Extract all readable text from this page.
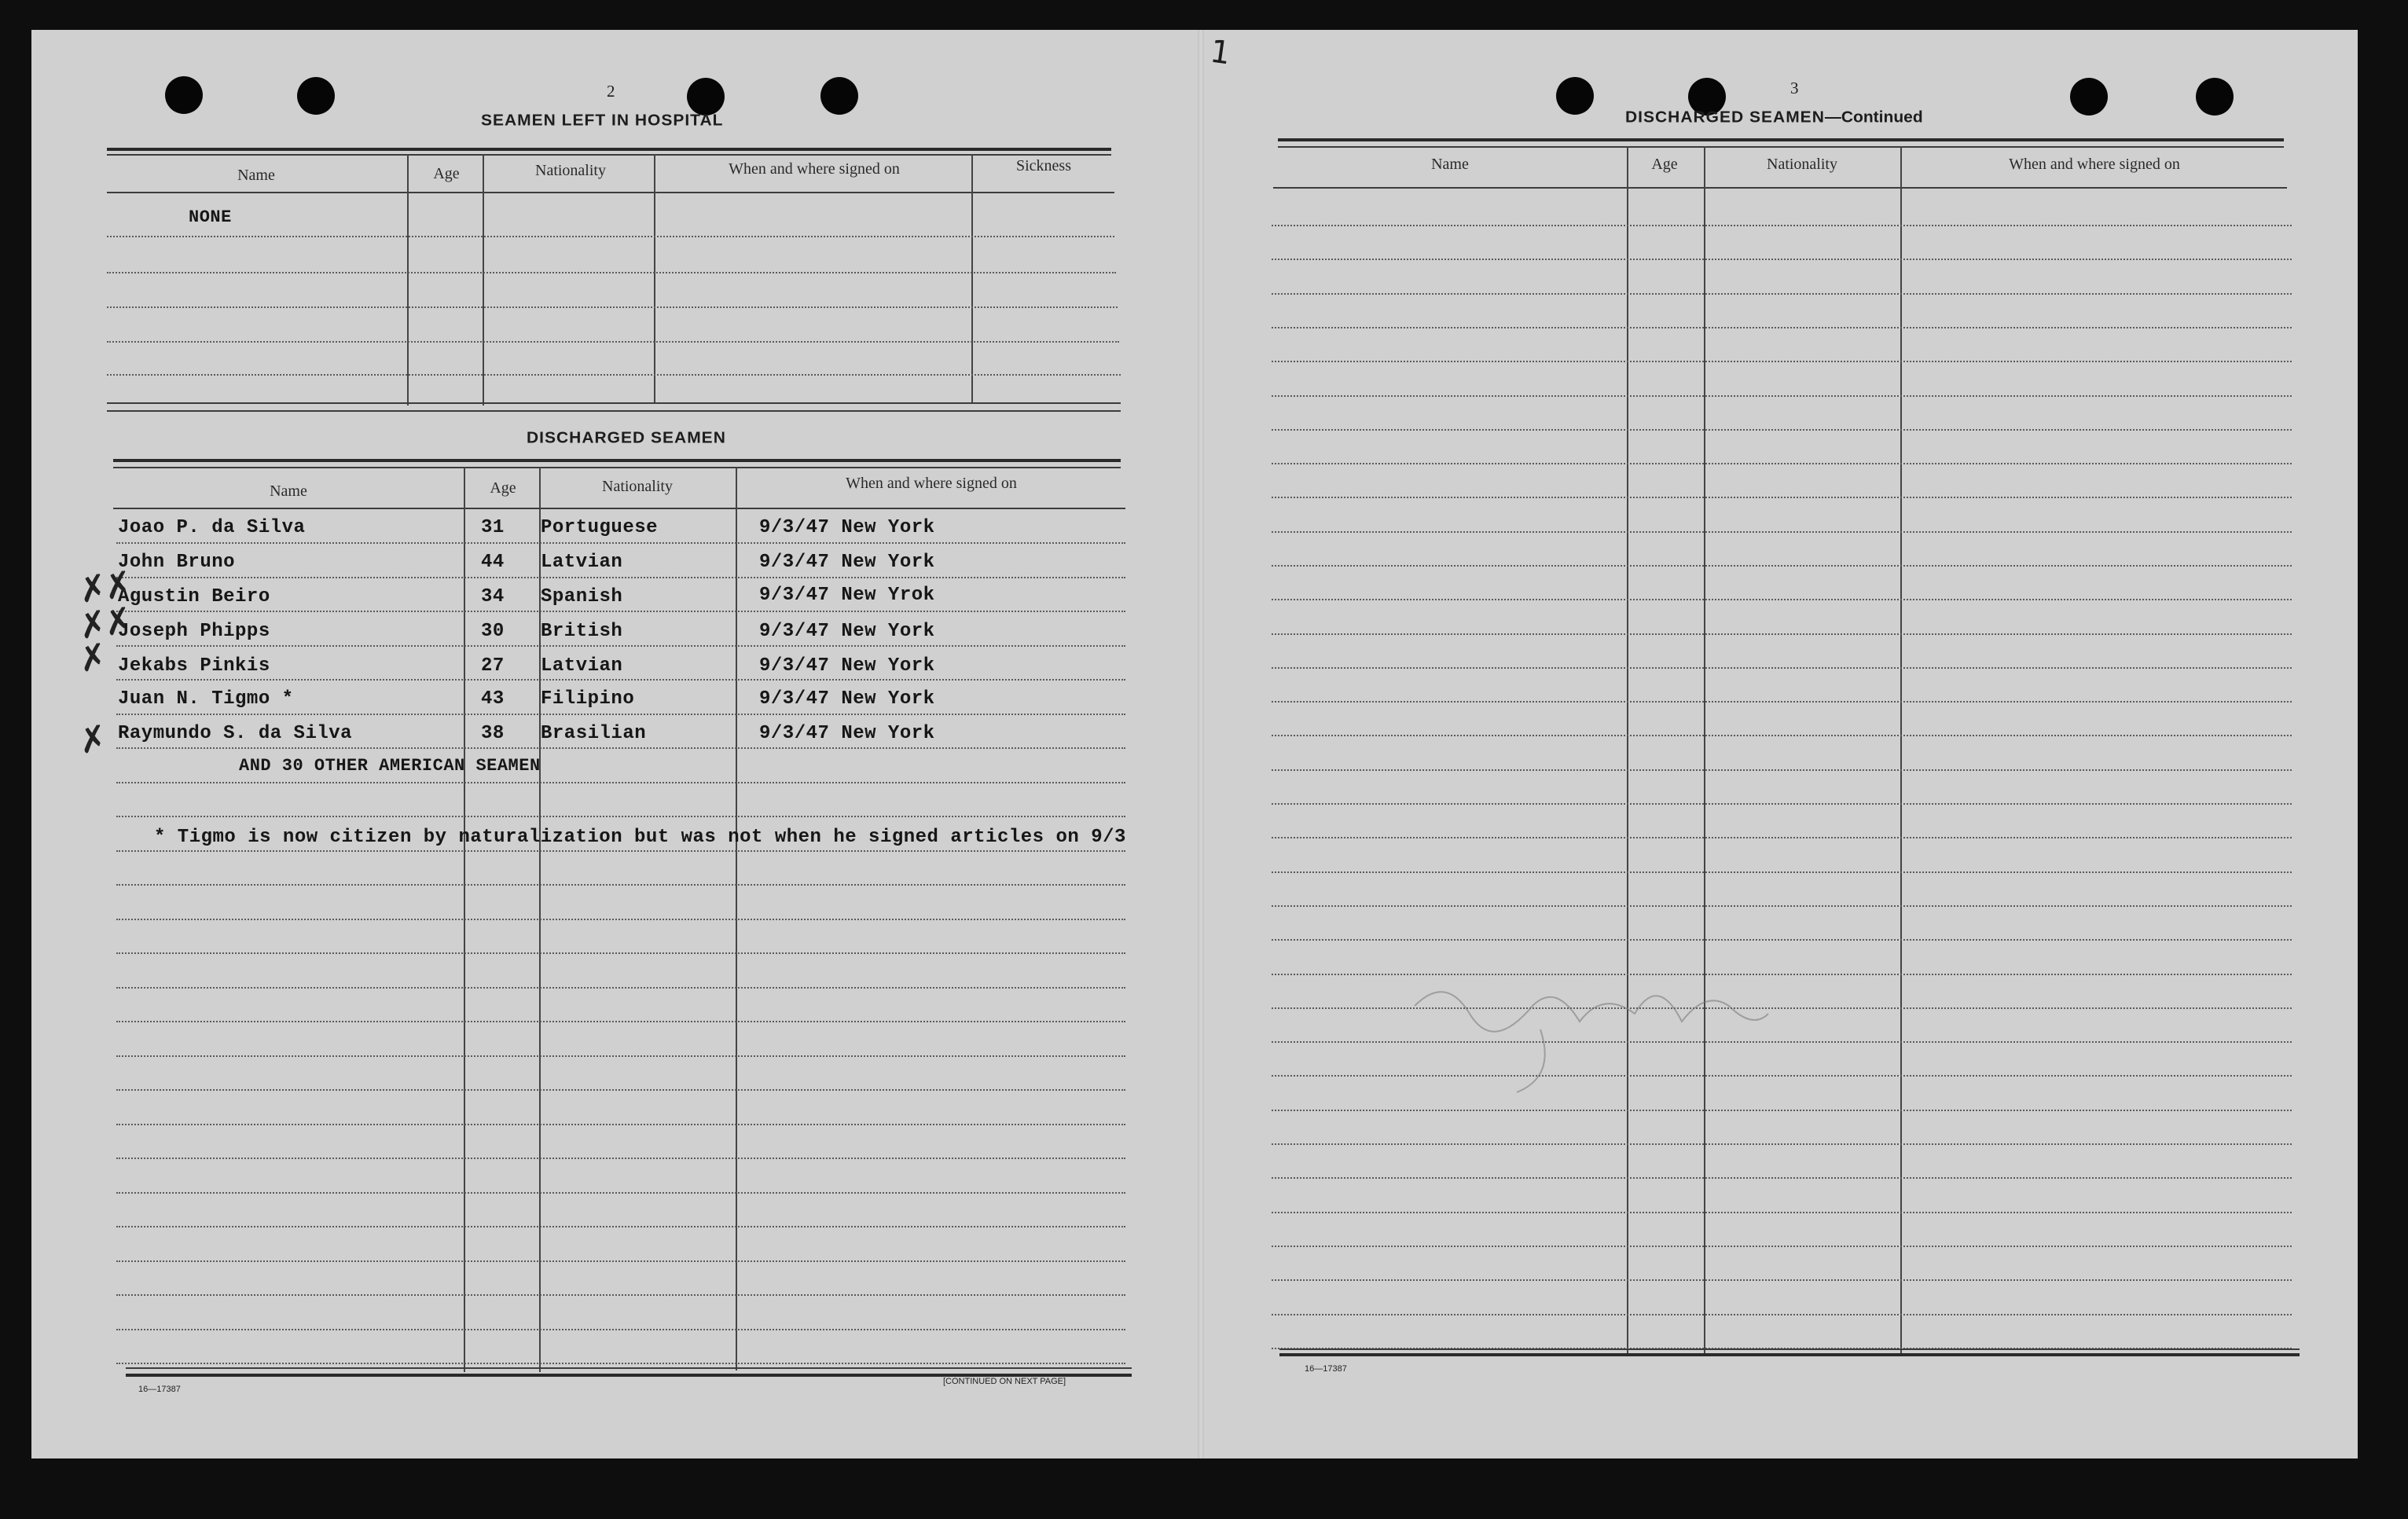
1
2
SEAMEN LEFT IN HOSPITAL
Name	Age	Nationality	When and where signed on	Sickness
NONE
DISCHARGED SEAMEN
Name	Age	Nationality	When and where signed on
Joao P. da Silva	31 Portuguese	9/3/47 New York
John Bruno	44 Latvian	9/3/47 New York
Agustin Beiro	34 Spanish	9/3/47 New Yrok
Joseph Phipps	30 British	9/3/47 New York
Jekabs Pinkis	27 Latvian	9/3/47 New York
Juan N. Tigmo *	43 Filipino	9/3/47 New York
Raymundo S. da Silva	38 Brasilian	9/3/47 New York
AND 30 OTHER AMERICAN SEAMEN
* Tigmo is now citizen by naturalization but was not when he signed articles on 9/3
✗
✗
✗
✗
✗
✗
16—17387
[CONTINUED ON NEXT PAGE]
3
DISCHARGED SEAMEN—Continued
Name	Age	Nationality	When and where signed on
16—17387
